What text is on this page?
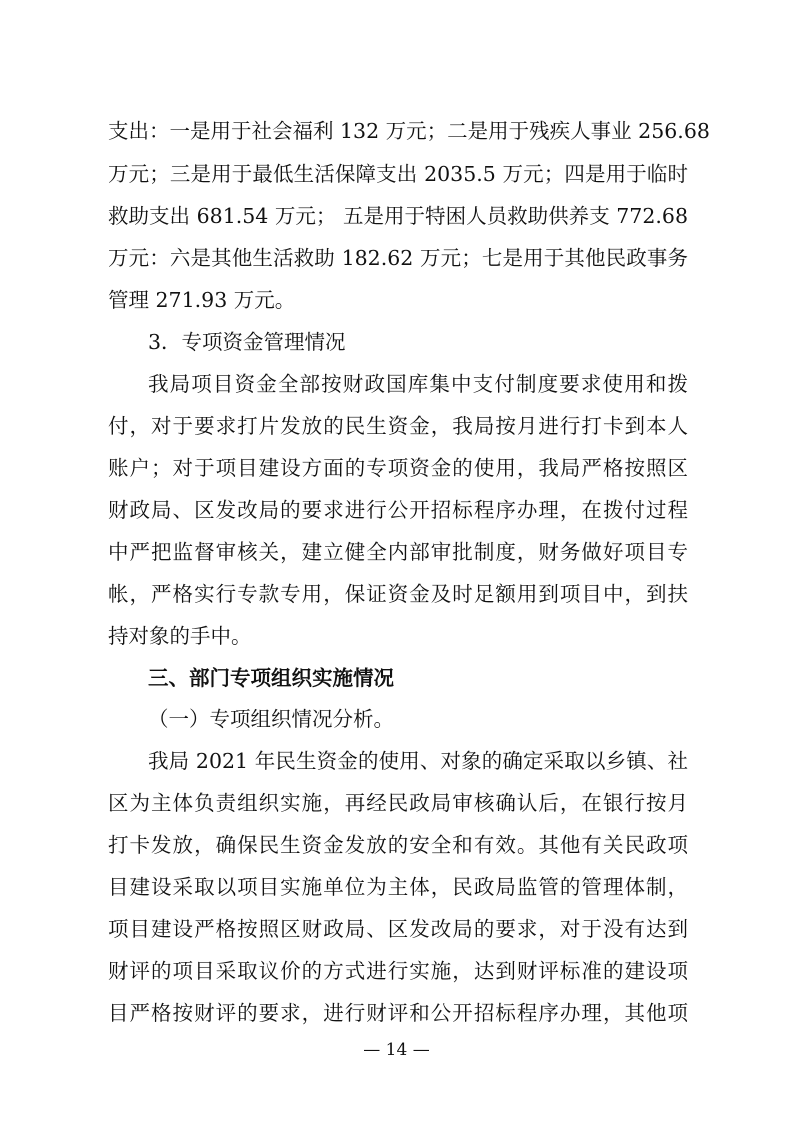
支出：一是用于社会福利 132 万元；二是用于残疾人事业 256.68
万元；三是用于最低生活保障支出 2035.5 万元；四是用于临时
救助支出 681.54 万元； 五是用于特困人员救助供养支 772.68
万元：六是其他生活救助 182.62 万元；七是用于其他民政事务
管理 271.93 万元。
3．专项资金管理情况
我局项目资金全部按财政国库集中支付制度要求使用和拨
付，对于要求打片发放的民生资金，我局按月进行打卡到本人
账户；对于项目建设方面的专项资金的使用，我局严格按照区
财政局、区发改局的要求进行公开招标程序办理，在拨付过程
中严把监督审核关，建立健全内部审批制度，财务做好项目专
帐，严格实行专款专用，保证资金及时足额用到项目中，到扶
持对象的手中。
三、部门专项组织实施情况
（一）专项组织情况分析。
我局 2021 年民生资金的使用、对象的确定采取以乡镇、社
区为主体负责组织实施，再经民政局审核确认后，在银行按月
打卡发放，确保民生资金发放的安全和有效。其他有关民政项
目建设采取以项目实施单位为主体，民政局监管的管理体制，
项目建设严格按照区财政局、区发改局的要求，对于没有达到
财评的项目采取议价的方式进行实施，达到财评标准的建设项
目严格按财评的要求，进行财评和公开招标程序办理，其他项
— 14 —
